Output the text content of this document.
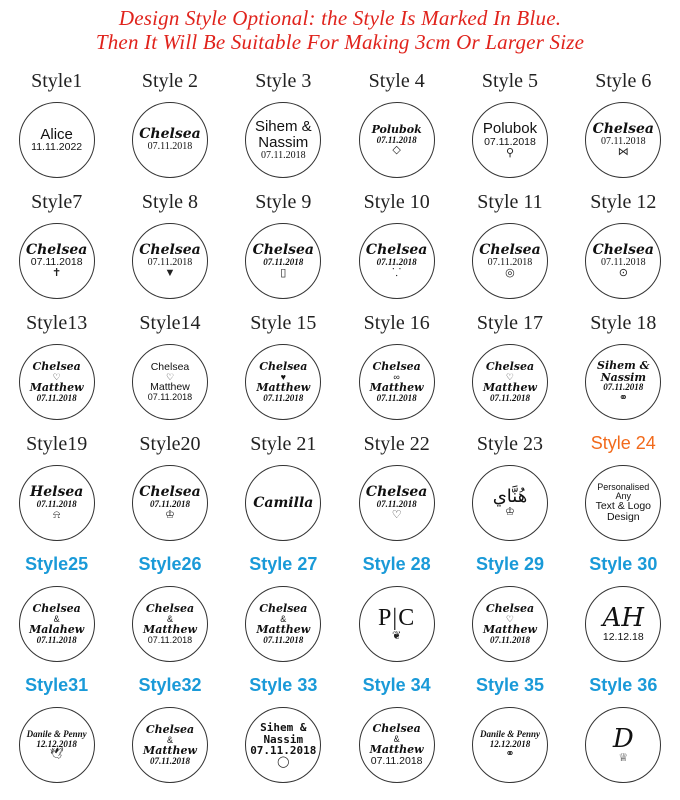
Design Style Optional: the Style Is Marked In Blue.
Then It Will Be Suitable For Making 3cm Or Larger Size
Style1
Alice
11.11.2022
Style 2
Chelsea
07.11.2018
Style 3
Sihem &
Nassim
07.11.2018
Style 4
Polubok
07.11.2018
◇
Style 5
Polubok
07.11.2018
⚲
Style 6
Chelsea
07.11.2018
⋈
Style7
Chelsea
07.11.2018
✝
Style 8
Chelsea
07.11.2018
▼
Style 9
Chelsea
07.11.2018
▯
Style 10
Chelsea
07.11.2018
⸪
Style 11
Chelsea
07.11.2018
◎
Style 12
Chelsea
07.11.2018
⊙
Style13
Chelsea
♡
Matthew
07.11.2018
Style14
Chelsea
♡
Matthew
07.11.2018
Style 15
Chelsea
♥
Matthew
07.11.2018
Style 16
Chelsea
∞
Matthew
07.11.2018
Style 17
Chelsea
♡
Matthew
07.11.2018
Style 18
Sihem &
Nassim
07.11.2018
⚭
Style19
Helsea
07.11.2018
⍾
Style20
Chelsea
07.11.2018
♔
Style 21
Camilla
Style 22
Chelsea
07.11.2018
♡
Style 23
هُنَّاي
♔
Style 24
Personalised
Any
Text & Logo
Design
Style25
Chelsea
&
Malahew
07.11.2018
Style26
Chelsea
&
Matthew
07.11.2018
Style 27
Chelsea
&
Matthew
07.11.2018
Style 28
P|C
❦
Style 29
Chelsea
♡
Matthew
07.11.2018
Style 30
AH
12.12.18
Style31
Danile & Penny
12.12.2018
🕊
Style32
Chelsea
&
Matthew
07.11.2018
Style 33
Sihem &
Nassim
07.11.2018
◯
Style 34
Chelsea
&
Matthew
07.11.2018
Style 35
Danile & Penny
12.12.2018
⚭
Style 36
D
♕
